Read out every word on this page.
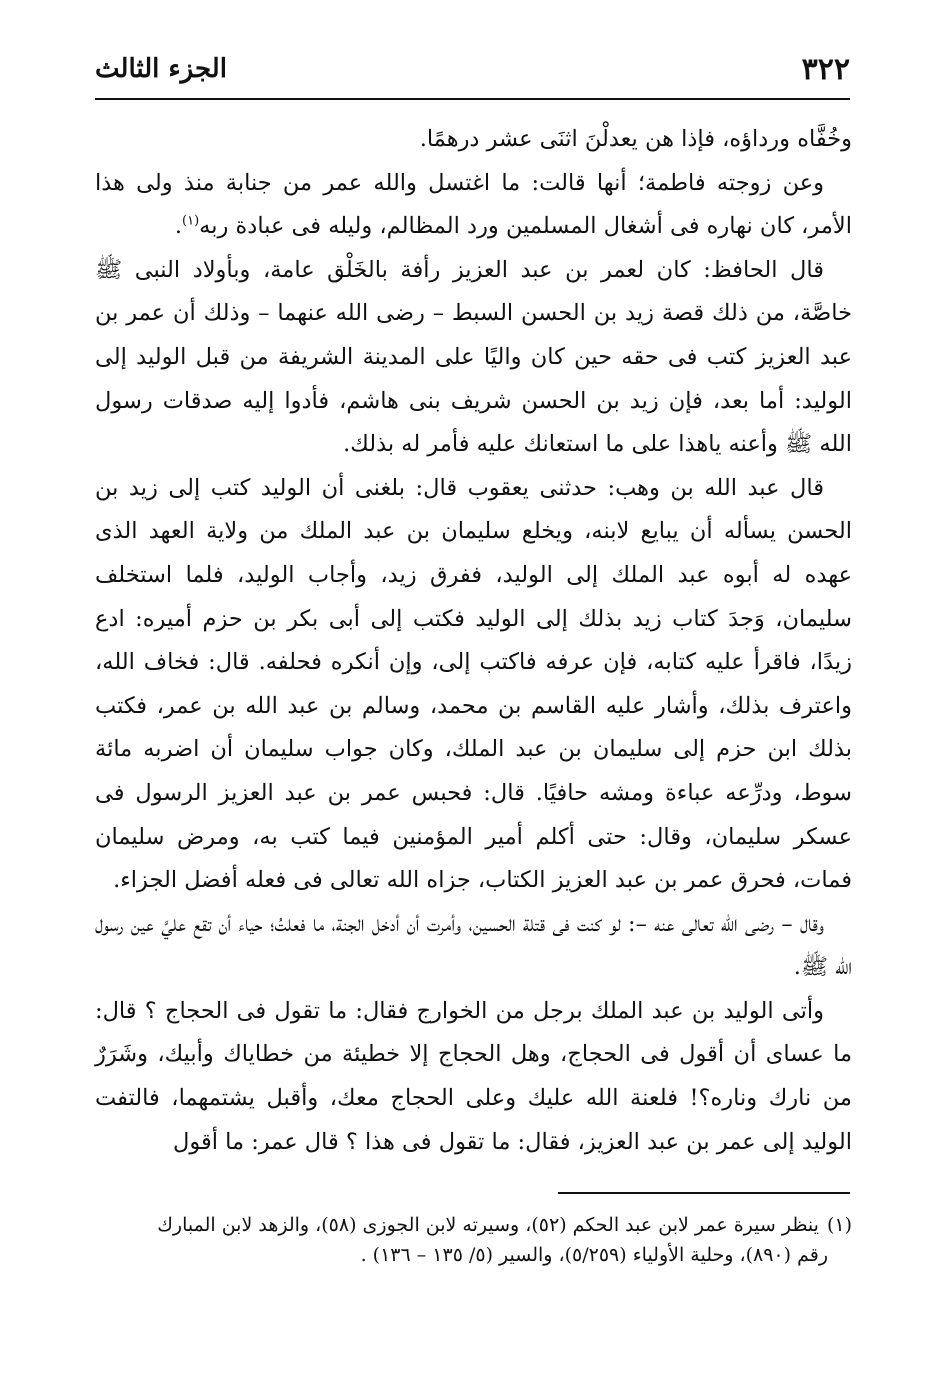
٣٢٢
الجزء الثالث

وخُفَّاه ورداؤه، فإذا هن يعدلْنَ اثنَى عشر درهمًا.

وعن زوجته فاطمة؛ أنها قالت: ما اغتسل والله عمر من جنابة منذ ولى هذا الأمر، كان نهاره فى أشغال المسلمين ورد المظالم، وليله فى عبادة ربه$^{(١)}$.

قال الحافظ: كان لعمر بن عبد العزيز رأفة بالخَلْق عامة، وبأولاد النبى ﷺ خاصَّة، من ذلك قصة زيد بن الحسن السبط – رضى الله عنهما – وذلك أن عمر بن عبد العزيز كتب فى حقه حين كان واليًا على المدينة الشريفة من قبل الوليد إلى الوليد: أما بعد، فإن زيد بن الحسن شريف بنى هاشم، فأدوا إليه صدقات رسول الله ﷺ وأعنه ياهذا على ما استعانك عليه فأمر له بذلك.

قال عبد الله بن وهب: حدثنى يعقوب قال: بلغنى أن الوليد كتب إلى زيد بن الحسن يسأله أن يبايع لابنه، ويخلع سليمان بن عبد الملك من ولاية العهد الذى عهده له أبوه عبد الملك إلى الوليد، ففرق زيد، وأجاب الوليد، فلما استخلف سليمان، وَجدَ كتاب زيد بذلك إلى الوليد فكتب إلى أبى بكر بن حزم أميره: ادع زيدًا، فاقرأ عليه كتابه، فإن عرفه فاكتب إلى، وإن أنكره فحلفه. قال: فخاف الله، واعترف بذلك، وأشار عليه القاسم بن محمد، وسالم بن عبد الله بن عمر، فكتب بذلك ابن حزم إلى سليمان بن عبد الملك، وكان جواب سليمان أن اضربه مائة سوط، ودرِّعه عباءة ومشه حافيًا. قال: فحبس عمر بن عبد العزيز الرسول فى عسكر سليمان، وقال: حتى أكلم أمير المؤمنين فيما كتب به، ومرض سليمان فمات، فحرق عمر بن عبد العزيز الكتاب، جزاه الله تعالى فى فعله أفضل الجزاء.

وقال – رضى الله تعالى عنه –: لو كنت فى قتلة الحسين، وأمرت أن أدخل الجنة، ما فعلتُ؛ حياء أن تقع عليَّ عين رسول الله ﷺ.

وأتى الوليد بن عبد الملك برجل من الخوارج فقال: ما تقول فى الحجاج ؟ قال: ما عساى أن أقول فى الحجاج، وهل الحجاج إلا خطيئة من خطاياك وأبيك، وشَرَرٌ من نارك وناره؟! فلعنة الله عليك وعلى الحجاج معك، وأقبل يشتمهما، فالتفت الوليد إلى عمر بن عبد العزيز، فقال: ما تقول فى هذا ؟ قال عمر: ما أقول

(١)ينظر سيرة عمر لابن عبد الحكم (٥٢)، وسيرته لابن الجوزى (٥٨)، والزهد لابن المبارك

رقم (٨٩٠)، وحلية الأولياء (٥/٢٥٩)، والسير (٥/ ١٣٥ – ١٣٦) .
